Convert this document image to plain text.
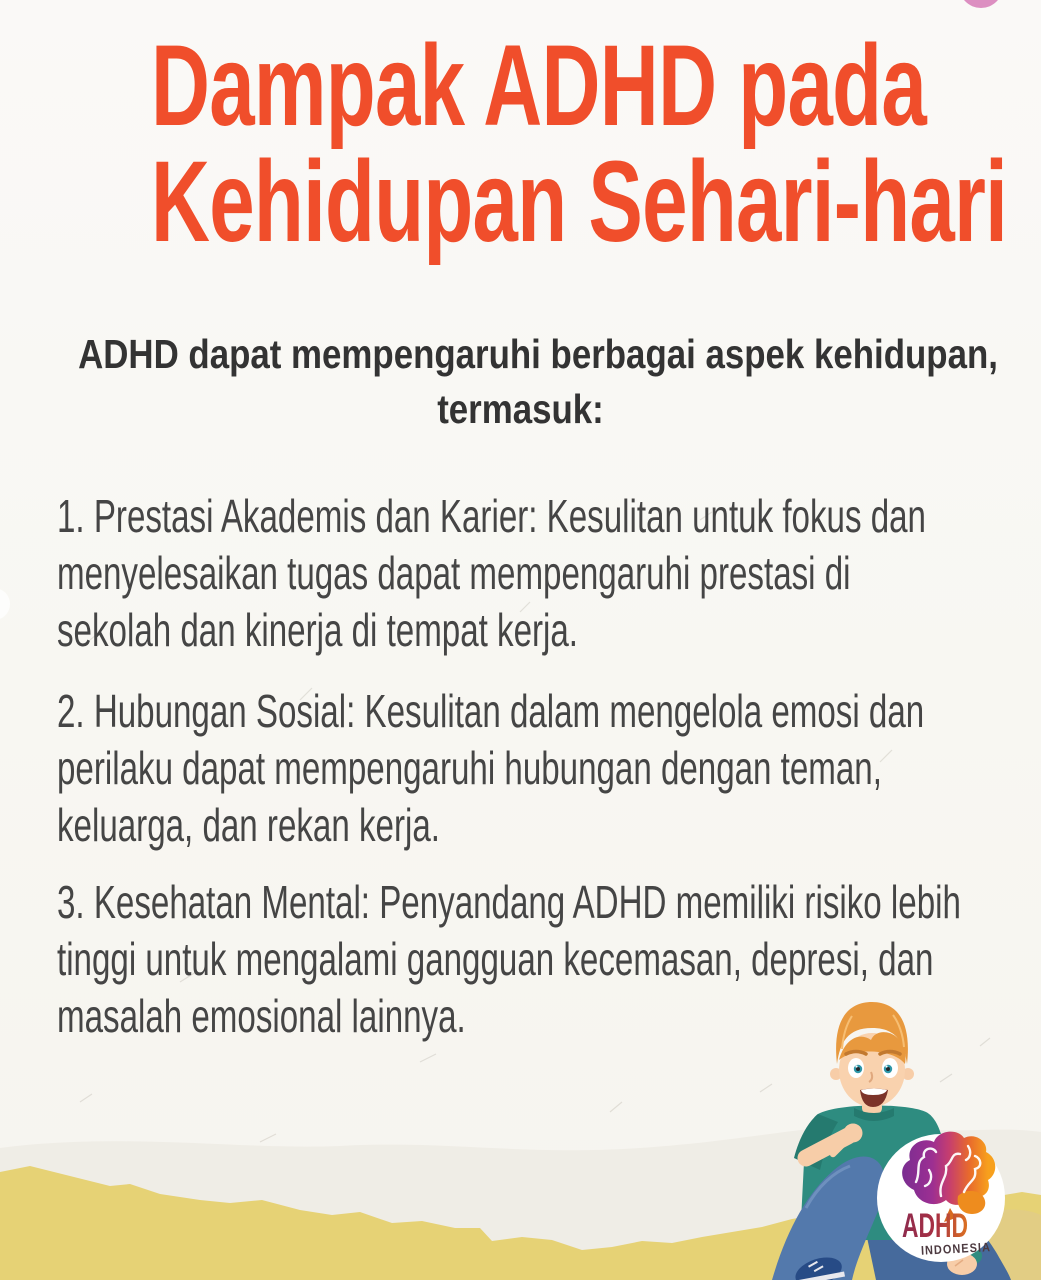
ADHD
INDONESIA
Dampak ADHD pada
Kehidupan Sehari-hari
ADHD dapat mempengaruhi berbagai aspek kehidupan,
termasuk:
1. Prestasi Akademis dan Karier: Kesulitan untuk fokus dan
menyelesaikan tugas dapat mempengaruhi prestasi di
sekolah dan kinerja di tempat kerja.
2. Hubungan Sosial: Kesulitan dalam mengelola emosi dan
perilaku dapat mempengaruhi hubungan dengan teman,
keluarga, dan rekan kerja.
3. Kesehatan Mental: Penyandang ADHD memiliki risiko lebih
tinggi untuk mengalami gangguan kecemasan, depresi, dan
masalah emosional lainnya.
